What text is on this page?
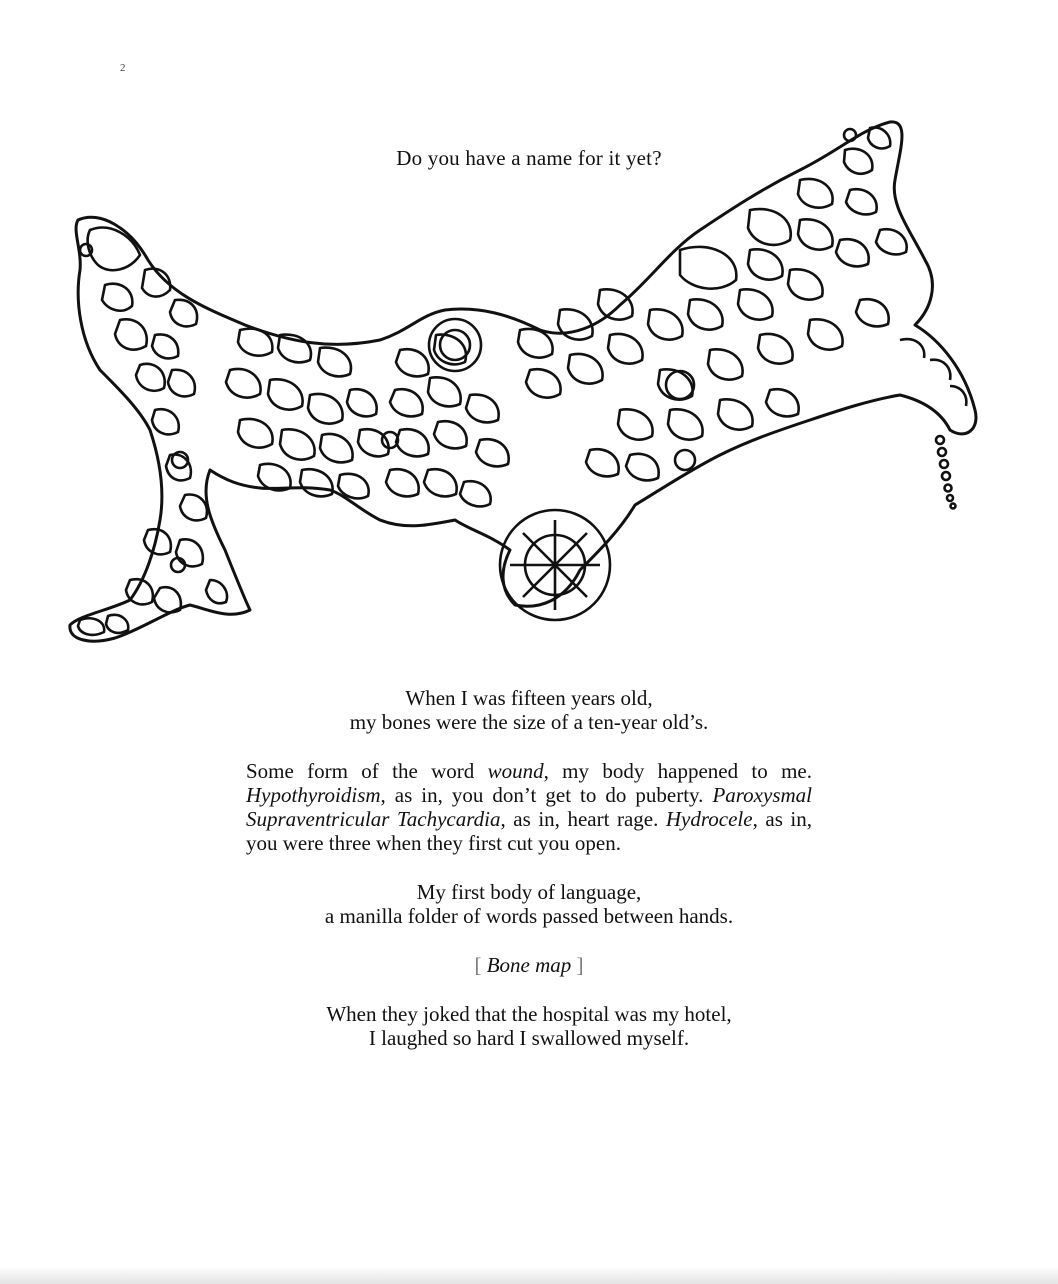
2
Do you have a name for it yet?
When I was fifteen years old,
my bones were the size of a ten-year old’s.
Some form of the word wound, my body happened to me. Hypothyroidism, as in, you don’t get to do puberty. Paroxysmal Supraventricular Tachycardia, as in, heart rage. Hydrocele, as in, you were three when they first cut you open.
My first body of language,
a manilla folder of words passed between hands.
[ Bone map ]
When they joked that the hospital was my hotel,
I laughed so hard I swallowed myself.
